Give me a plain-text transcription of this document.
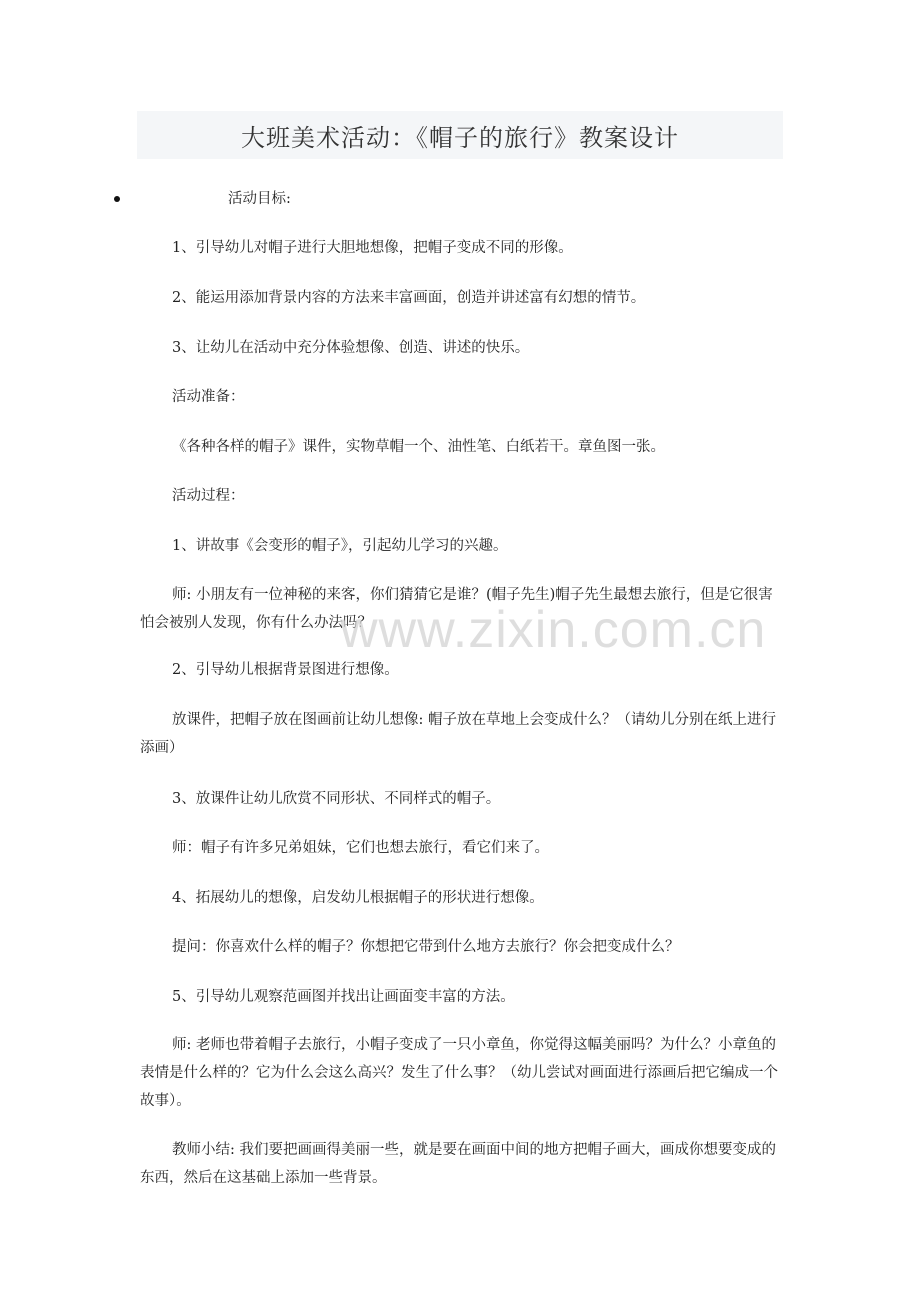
大班美术活动：《帽子的旅行》教案设计

活动目标:

1、引导幼儿对帽子进行大胆地想像，把帽子变成不同的形像。

2、能运用添加背景内容的方法来丰富画面，创造并讲述富有幻想的情节。

3、让幼儿在活动中充分体验想像、创造、讲述的快乐。

活动准备：

《各种各样的帽子》课件，实物草帽一个、油性笔、白纸若干。章鱼图一张。

活动过程：

1、讲故事《会变形的帽子》，引起幼儿学习的兴趣。

师: 小朋友有一位神秘的来客，你们猜猜它是谁？(帽子先生)帽子先生最想去旅行，但是它很害怕会被别人发现，你有什么办法吗？

2、引导幼儿根据背景图进行想像。

放课件，把帽子放在图画前让幼儿想像: 帽子放在草地上会变成什么？（请幼儿分别在纸上进行添画）

3、放课件让幼儿欣赏不同形状、不同样式的帽子。

师：帽子有许多兄弟姐妹，它们也想去旅行，看它们来了。

4、拓展幼儿的想像，启发幼儿根据帽子的形状进行想像。

提问：你喜欢什么样的帽子？你想把它带到什么地方去旅行？你会把变成什么？

5、引导幼儿观察范画图并找出让画面变丰富的方法。

师: 老师也带着帽子去旅行，小帽子变成了一只小章鱼，你觉得这幅美丽吗？为什么？小章鱼的表情是什么样的？它为什么会这么高兴？发生了什么事？（幼儿尝试对画面进行添画后把它编成一个故事）。

教师小结: 我们要把画画得美丽一些，就是要在画面中间的地方把帽子画大，画成你想要变成的东西，然后在这基础上添加一些背景。

www.zixin.com.cn
